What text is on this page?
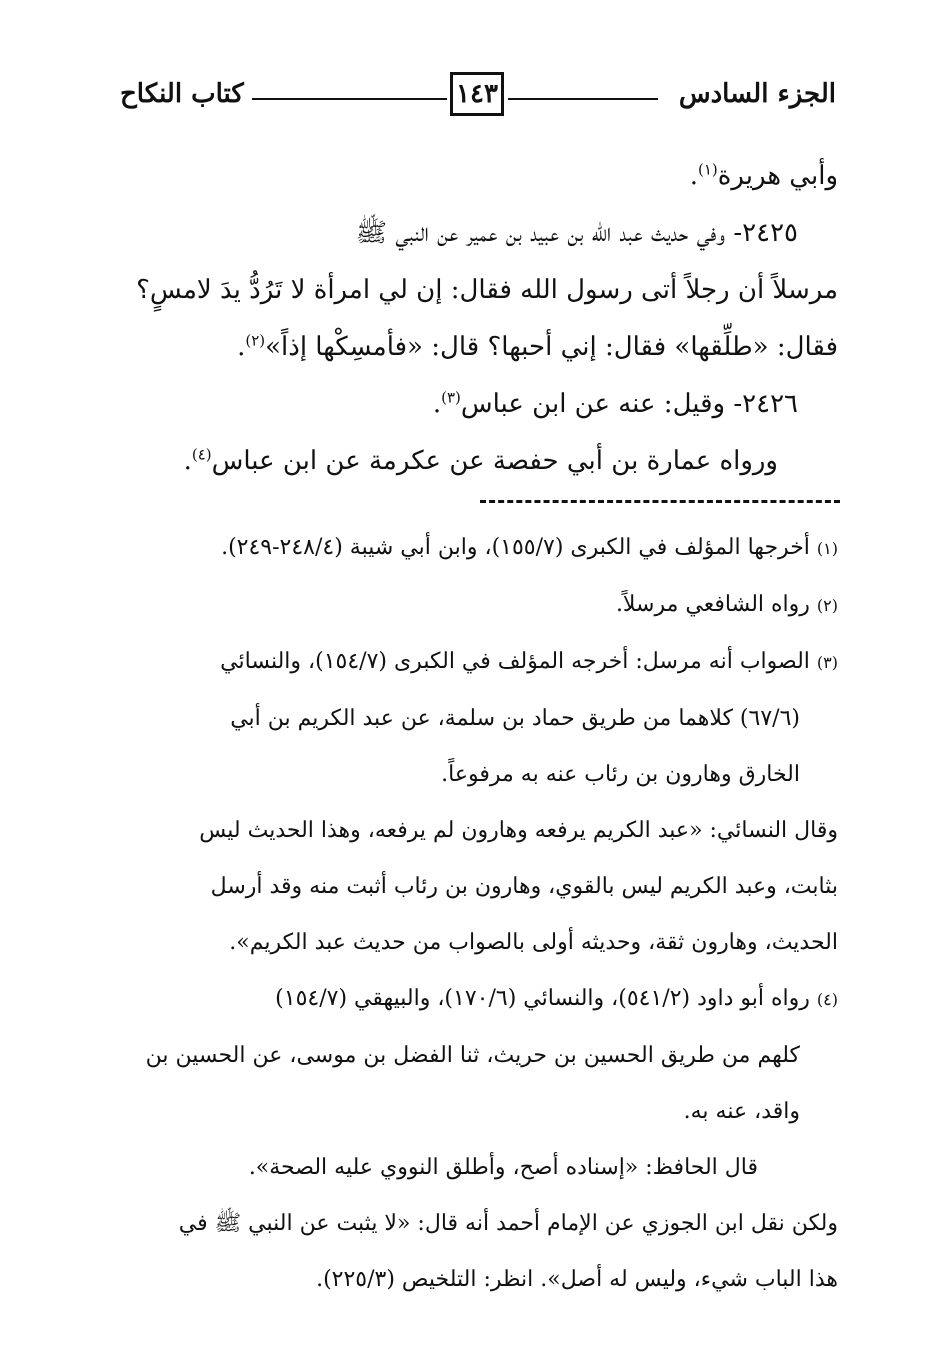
الجزء السادس
١٤٣
كتاب النكاح

وأبي هريرة$^{(١)}$.

٢٤٢٥- وفي حديث عبد الله بن عبيد بن عمير عن النبي ﷺ

مرسلاً أن رجلاً أتى رسول الله فقال: إن لي امرأة لا تَرُدُّ يدَ لامسٍ؟

فقال: «طلِّقها» فقال: إني أحبها؟ قال: «فأمسِكْها إذاً»$^{(٢)}$.

٢٤٢٦- وقيل: عنه عن ابن عباس$^{(٣)}$.

ورواه عمارة بن أبي حفصة عن عكرمة عن ابن عباس$^{(٤)}$.

(١) أخرجها المؤلف في الكبرى (١٥٥/٧)، وابن أبي شيبة (٢٤٨/٤-٢٤٩).

(٢) رواه الشافعي مرسلاً.

(٣) الصواب أنه مرسل: أخرجه المؤلف في الكبرى (١٥٤/٧)، والنسائي

(٦٧/٦) كلاهما من طريق حماد بن سلمة، عن عبد الكريم بن أبي

الخارق وهارون بن رئاب عنه به مرفوعاً.

وقال النسائي: «عبد الكريم يرفعه وهارون لم يرفعه، وهذا الحديث ليس

بثابت، وعبد الكريم ليس بالقوي، وهارون بن رئاب أثبت منه وقد أرسل

الحديث، وهارون ثقة، وحديثه أولى بالصواب من حديث عبد الكريم».

(٤) رواه أبو داود (٥٤١/٢)، والنسائي (١٧٠/٦)، والبيهقي (١٥٤/٧)

كلهم من طريق الحسين بن حريث، ثنا الفضل بن موسى، عن الحسين بن

واقد، عنه به.

قال الحافظ: «إسناده أصح، وأطلق النووي عليه الصحة».

ولكن نقل ابن الجوزي عن الإمام أحمد أنه قال: «لا يثبت عن النبي ﷺ في

هذا الباب شيء، وليس له أصل». انظر: التلخيص (٢٢٥/٣).
